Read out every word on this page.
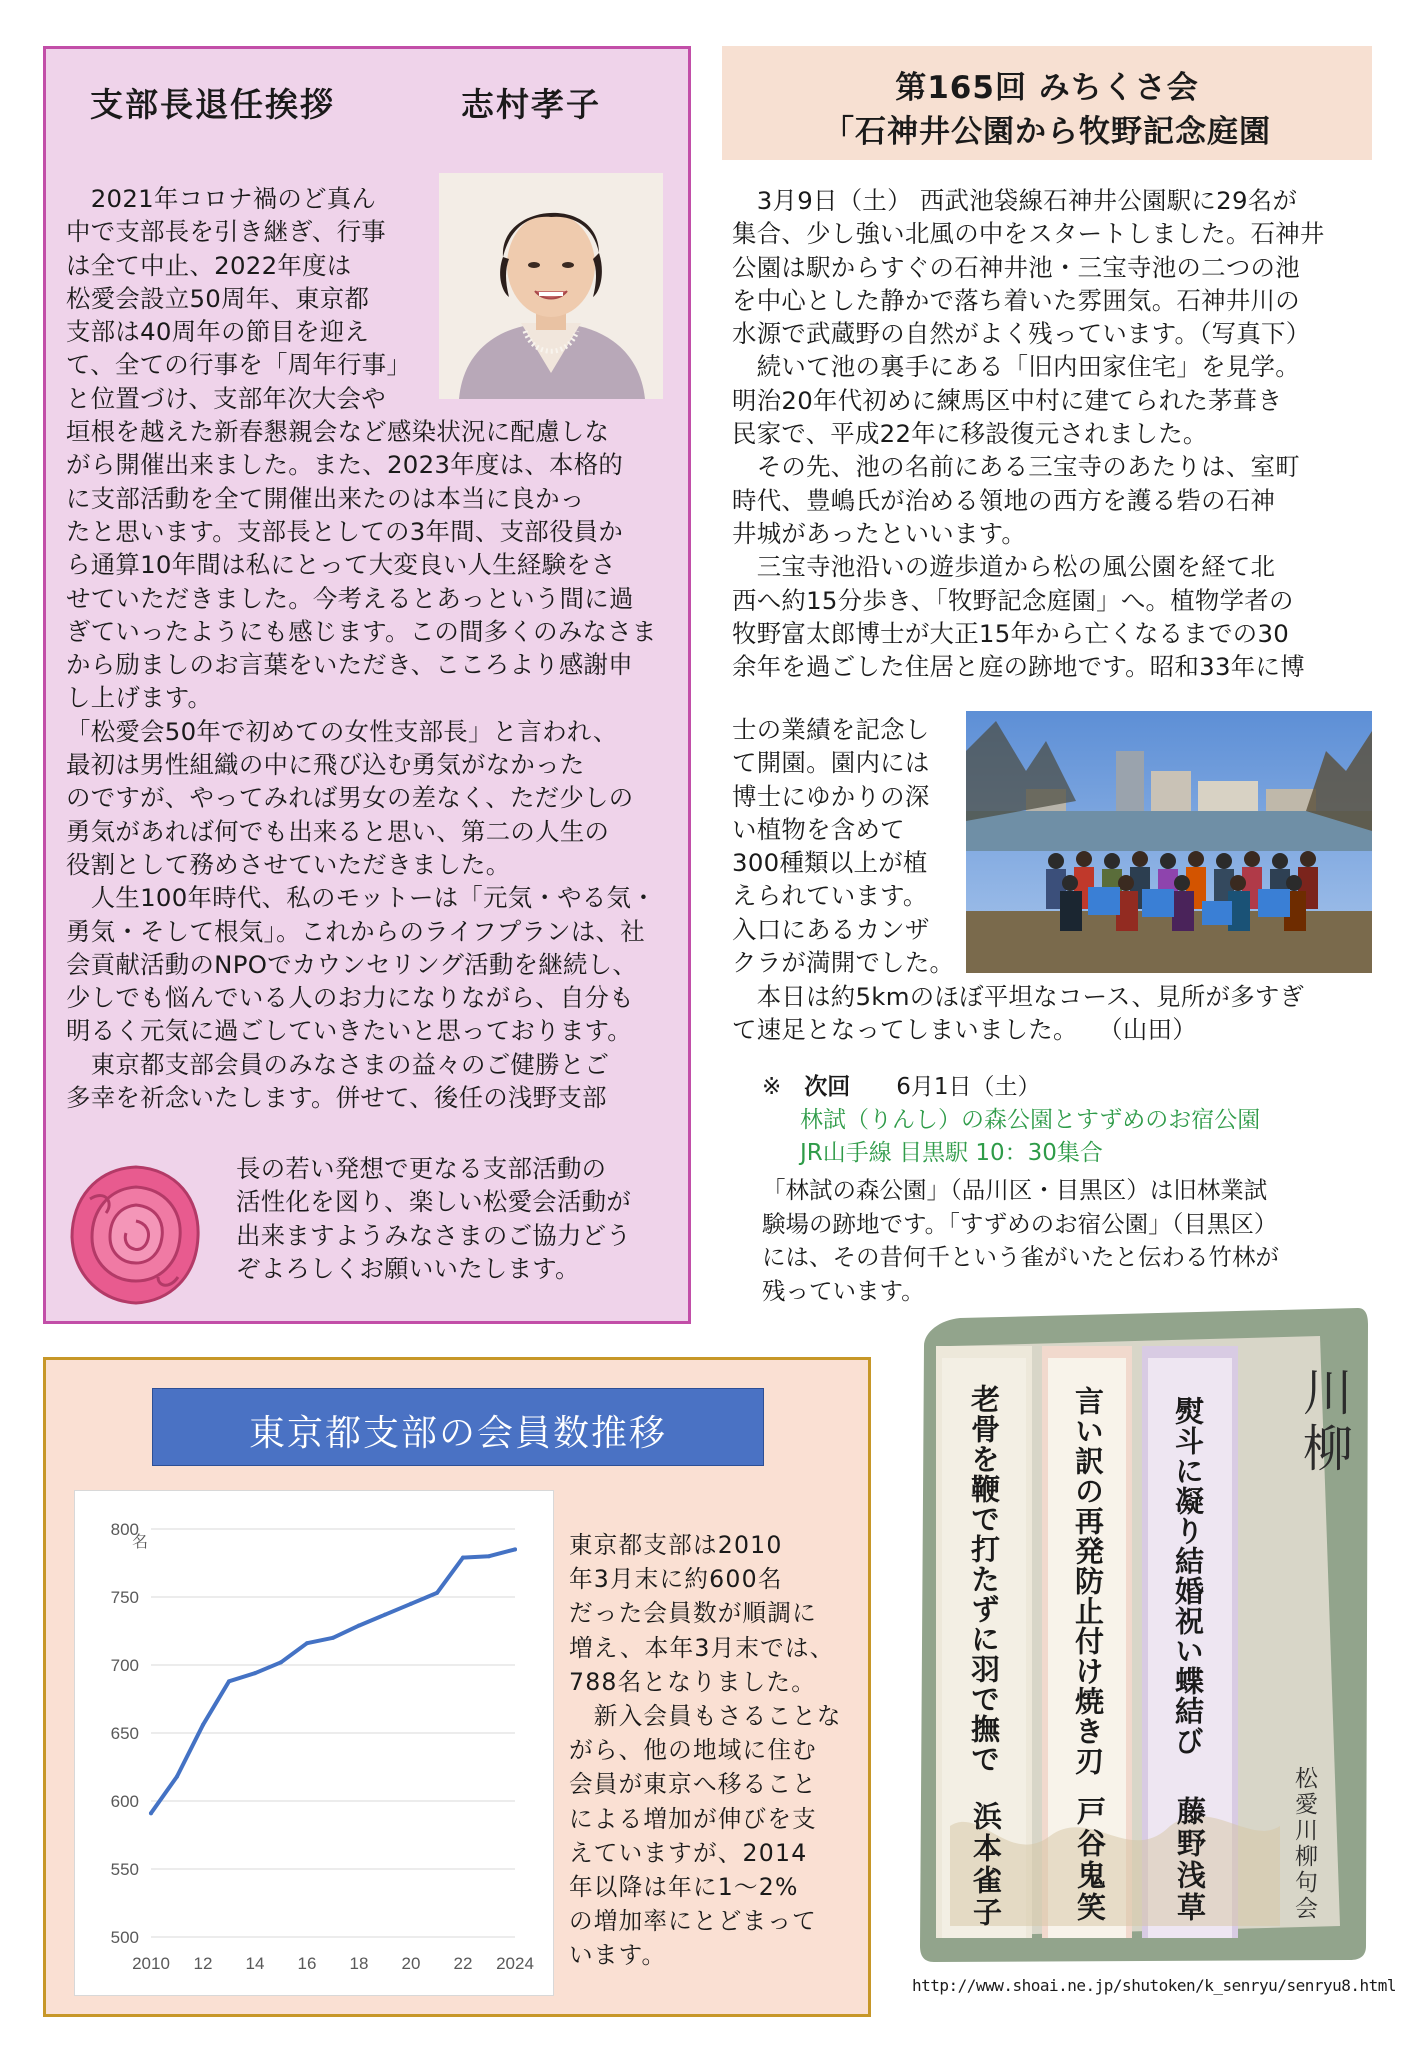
支部長退任挨拶	志村孝子
　2021年コロナ禍のど真ん
中で支部長を引き継ぎ、行事
は全て中止、2022年度は
松愛会設立50周年、東京都
支部は40周年の節目を迎え
て、全ての行事を「周年行事」
と位置づけ、支部年次大会や
垣根を越えた新春懇親会など感染状況に配慮しな
がら開催出来ました。また、2023年度は、本格的
に支部活動を全て開催出来たのは本当に良かっ
たと思います。支部長としての3年間、支部役員か
ら通算10年間は私にとって大変良い人生経験をさ
せていただきました。今考えるとあっという間に過
ぎていったようにも感じます。この間多くのみなさま
から励ましのお言葉をいただき、こころより感謝申
し上げます。
「松愛会50年で初めての女性支部長」と言われ、
最初は男性組織の中に飛び込む勇気がなかった
のですが、やってみれば男女の差なく、ただ少しの
勇気があれば何でも出来ると思い、第二の人生の
役割として務めさせていただきました。
　人生100年時代、私のモットーは「元気・やる気・
勇気・そして根気」。これからのライフプランは、社
会貢献活動のNPOでカウンセリング活動を継続し、
少しでも悩んでいる人のお力になりながら、自分も
明るく元気に過ごしていきたいと思っております。
　東京都支部会員のみなさまの益々のご健勝とご
多幸を祈念いたします。併せて、後任の浅野支部
長の若い発想で更なる支部活動の
活性化を図り、楽しい松愛会活動が
出来ますようみなさまのご協力どう
ぞよろしくお願いいたします。
第165回 みちくさ会
「石神井公園から牧野記念庭園
　3月9日（土） 西武池袋線石神井公園駅に29名が
集合、少し強い北風の中をスタートしました。石神井
公園は駅からすぐの石神井池・三宝寺池の二つの池
を中心とした静かで落ち着いた雰囲気。石神井川の
水源で武蔵野の自然がよく残っています。（写真下）
　続いて池の裏手にある「旧内田家住宅」を見学。
明治20年代初めに練馬区中村に建てられた茅葺き
民家で、平成22年に移設復元されました。
　その先、池の名前にある三宝寺のあたりは、室町
時代、豊嶋氏が治める領地の西方を護る砦の石神
井城があったといいます。
　三宝寺池沿いの遊歩道から松の風公園を経て北
西へ約15分歩き、「牧野記念庭園」へ。植物学者の
牧野富太郎博士が大正15年から亡くなるまでの30
余年を過ごした住居と庭の跡地です。昭和33年に博
士の業績を記念し
て開園。園内には
博士にゆかりの深
い植物を含めて
300種類以上が植
えられています。
入口にあるカンザ
クラが満開でした。
　本日は約5kmのほぼ平坦なコース、見所が多すぎ
て速足となってしまいました。　 （山田）
※　 次回　　 6月1日（土）
林試（りんし）の森公園とすずめのお宿公園
JR山手線 目黒駅 10：30集合
「林試の森公園」（品川区・目黒区）は旧林業試
験場の跡地です。「すずめのお宿公園」（目黒区）
には、その昔何千という雀がいたと伝わる竹林が
残っています。
東京都支部の会員数推移
500
550
600
650
700
750
800
2010 12 14 16 18 20 22 2024
名	東京都支部は2010
年3月末に約600名
だった会員数が順調に
増え、本年3月末では、
788名となりました。
　新入会員もさることな
がら、他の地域に住む
会員が東京へ移ること
による増加が伸びを支
えていますが、2014
年以降は年に1～2%
の増加率にとどまって
います。
川柳
松愛川柳句会
熨斗に凝り結婚祝い蝶結び
藤野浅草
言い訳の再発防止付け焼き刃
戸谷鬼笑
老骨を鞭で打たずに羽で撫で
浜本雀子
http://www.shoai.ne.jp/shutoken/k_senryu/senryu8.html
